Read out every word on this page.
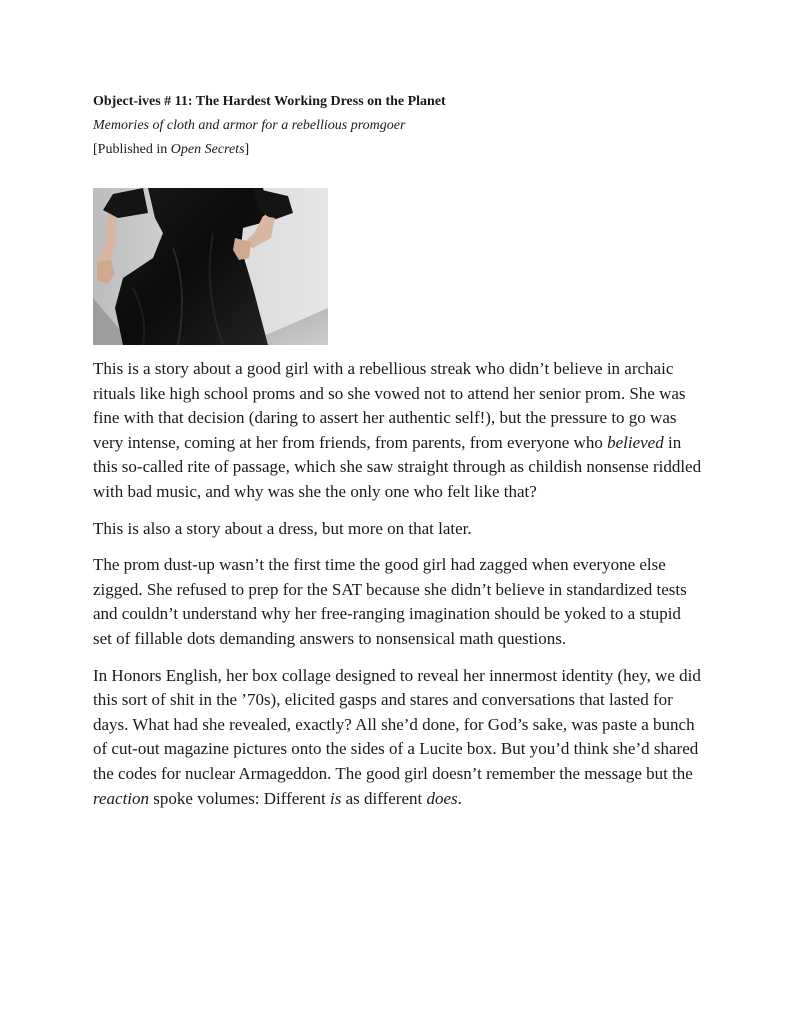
Object-ives # 11: The Hardest Working Dress on the Planet

Memories of cloth and armor for a rebellious promgoer

[Published in Open Secrets]

This is a story about a good girl with a rebellious streak who didn’t believe in archaic rituals like high school proms and so she vowed not to attend her senior prom. She was fine with that decision (daring to assert her authentic self!), but the pressure to go was very intense, coming at her from friends, from parents, from everyone who believed in this so-called rite of passage, which she saw straight through as childish nonsense riddled with bad music, and why was she the only one who felt like that?

This is also a story about a dress, but more on that later.

The prom dust-up wasn’t the first time the good girl had zagged when everyone else zigged. She refused to prep for the SAT because she didn’t believe in standardized tests and couldn’t understand why her free-ranging imagination should be yoked to a stupid set of fillable dots demanding answers to nonsensical math questions.

In Honors English, her box collage designed to reveal her innermost identity (hey, we did this sort of shit in the ’70s), elicited gasps and stares and conversations that lasted for days. What had she revealed, exactly? All she’d done, for God’s sake, was paste a bunch of cut-out magazine pictures onto the sides of a Lucite box. But you’d think she’d shared the codes for nuclear Armageddon. The good girl doesn’t remember the message but the reaction spoke volumes: Different is as different does.
